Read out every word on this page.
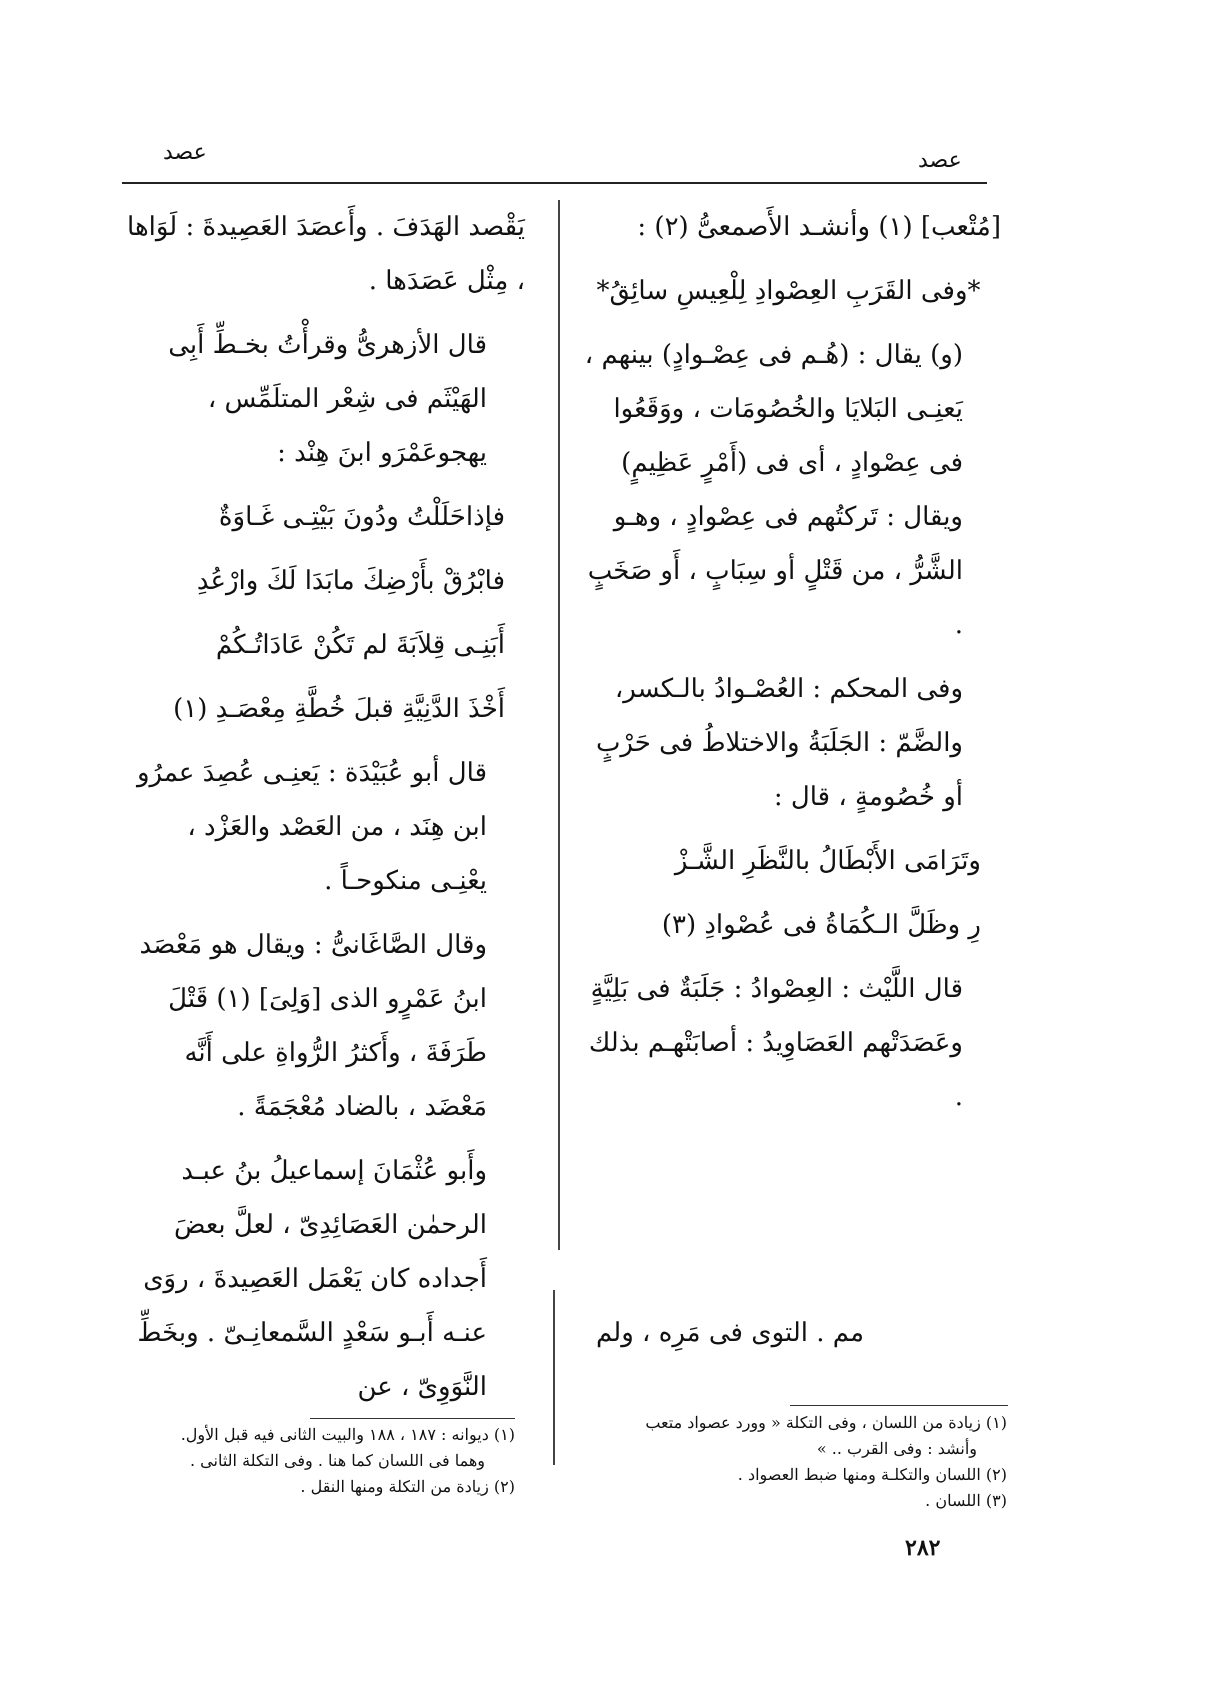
عصد
عصد

[مُتْعب] (١) وأنشـد الأَصمعىُّ (٢) :

*وفى القَرَبِ العِصْوادِ لِلْعِيسِ سائِقُ*

(و) يقال : (هُـم فى عِصْـوادٍ) بينهم ، يَعنِـى البَلايَا والخُصُومَات ، ووَقَعُوا فى عِصْوادٍ ، أى فى (أَمْرٍ عَظِيمٍ) ويقال : تَركتُهم فى عِصْوادٍ ، وهـو الشَّرُّ ، من قَتْلٍ أو سِبَابٍ ، أَو صَخَبٍ .

وفى المحكم : العُصْـوادُ بالـكسر، والضَّمّ : الجَلَبَةُ والاختلاطُ فى حَرْبٍ أو خُصُومةٍ ، قال :

وتَرَامَى الأَبْطَالُ بالنَّظَرِ الشَّـزْ

رِ وظَلَّ الـكُمَاةُ فى عُصْوادِ (٣)

قال اللَّيْث : العِصْوادُ : جَلَبَةٌ فى بَلِيَّةٍ وعَصَدَتْهم العَصَاوِيدُ : أصابَتْهـم بذلك .

يَقْصد الهَدَفَ . وأَعصَدَ العَصِيدةَ : لَوَاها ، مِثْل عَصَدَها .

قال الأزهرىُّ وقرأْتُ بخـطِّ أَبِى الهَيْثَم فى شِعْر المتلَمِّس ، يهجوعَمْرَو ابنَ هِنْد :

فإذاحَلَلْتُ ودُونَ بَيْتِـى غَـاوَةٌ

فابْرُقْ بأَرْضِكَ مابَدَا لَكَ وارْعُدِ

أَبَنِـى قِلاَبَةَ لم تَكُنْ عَادَاتُـكُمْ

أَخْذَ الدَّنِيَّةِ قبلَ خُطَّةِ مِعْصَـدِ (١)

قال أبو عُبَيْدَة : يَعنِـى عُصِدَ عمرُو ابن هِنَد ، من العَصْد والعَزْد ، يعْنِـى منكوحـاً .

وقال الصَّاغَانىُّ : ويقال هو مَعْصَد ابنُ عَمْرٍو الذى [وَلِىَ] (١) قَتْلَ طَرَفَةَ ، وأَكثرُ الرُّواةِ على أَنَّه مَعْضَد ، بالضاد مُعْجَمَةً .

وأَبو عُثْمَانَ إسماعيلُ بنُ عبـد الرحمٰن العَصَائِدِىّ ، لعلَّ بعضَ أَجداده كان يَعْمَل العَصِيدةَ ، روَى عنـه أَبـو سَعْدٍ السَّمعانِـىّ . وبخَطِّ النَّوَوِىّ ، عن

مم . التوى فى مَرِه ، ولم
(١) زيادة من اللسان ، وفى التكلة « وورد عصواد متعب
وأنشد : وفى القرب .. »
(٢) اللسان والتكلـة ومنها ضبط العصواد .
(٣) اللسان .
(١) ديوانه : ١٨٧ ، ١٨٨ والبيت الثانى فيه قبل الأول.
وهما فى اللسان كما هنا . وفى التكلة الثانى .
(٢) زيادة من التكلة ومنها النقل .
٢٨٢
